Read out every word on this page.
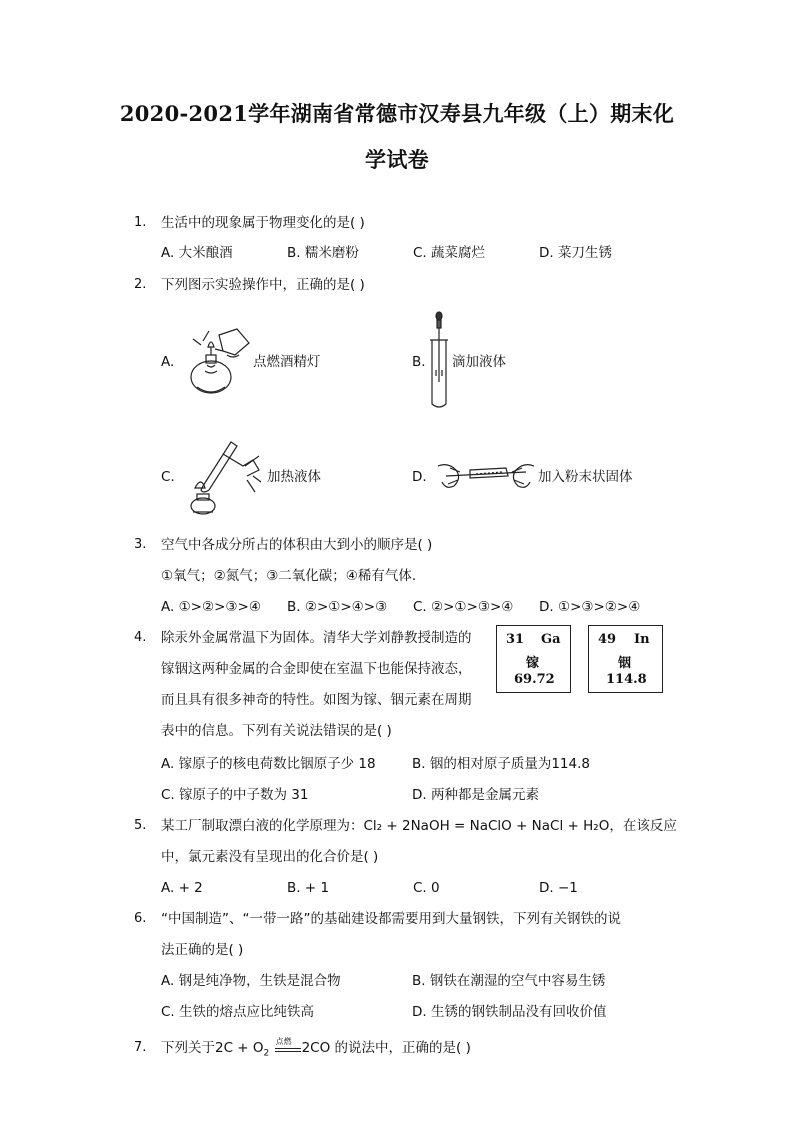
2020-2021学年湖南省常德市汉寿县九年级（上）期末化
学试卷
1. 生活中的现象属于物理变化的是( )
A. 大米酿酒	B. 糯米磨粉	C. 蔬菜腐烂	D. 菜刀生锈
2. 下列图示实验操作中，正确的是( )
A.	点燃酒精灯	B. 滴加液体
C.	加热液体	D.	加入粉末状固体
3. 空气中各成分所占的体积由大到小的顺序是( )
①氧气；②氮气；③二氧化碳；④稀有气体．
A. ①>②>③>④ B. ②>①>④>③ C. ②>①>③>④ D. ①>③>②>④
4. 除汞外金属常温下为固体。清华大学刘静教授制造的
镓铟这两种金属的合金即使在室温下也能保持液态，
而且具有很多神奇的特性。如图为镓、铟元素在周期
表中的信息。下列有关说法错误的是( )
31 Ga
镓
69.72
49 In
铟
114.8
A. 镓原子的核电荷数比铟原子少 18	B. 铟的相对原子质量为114.8
C. 镓原子的中子数为 31	D. 两种都是金属元素
5. 某工厂制取漂白液的化学原理为：Cl₂ + 2NaOH = NaClO + NaCl + H₂O，在该反应
中，氯元素没有呈现出的化合价是( )
A. + 2	B. + 1	C. 0	D. −1
6. “中国制造”、“一带一路”的基础建设都需要用到大量钢铁，下列有关钢铁的说
法正确的是( )
A. 钢是纯净物，生铁是混合物	B. 钢铁在潮湿的空气中容易生锈
C. 生铁的熔点应比纯铁高	D. 生锈的钢铁制品没有回收价值
7. 下列关于$2C + O_2$
点燃 2CO 的说法中，正确的是( )
